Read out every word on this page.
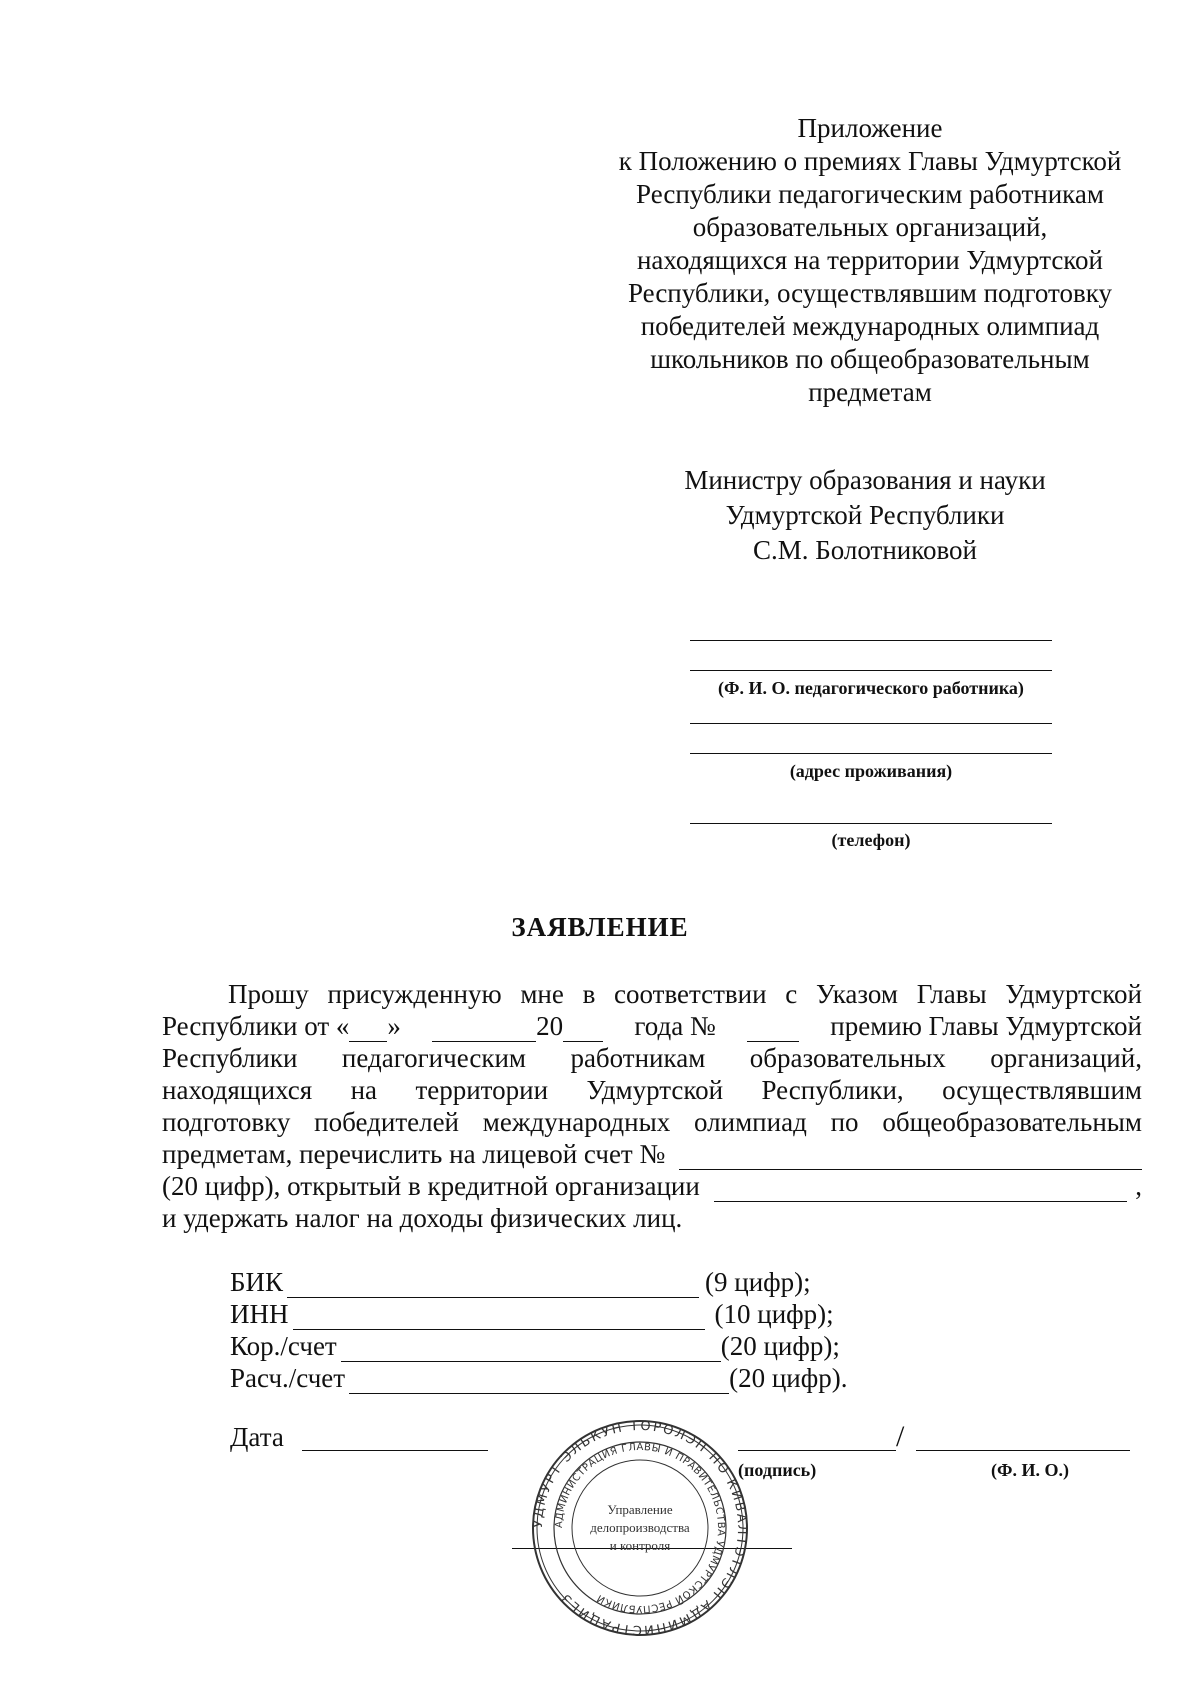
Приложение
к Положению о премиях Главы Удмуртской
Республики педагогическим работникам
образовательных организаций,
находящихся на территории Удмуртской
Республики, осуществлявшим подготовку
победителей международных олимпиад
школьников по общеобразовательным
предметам
Министру образования и науки
Удмуртской Республики
С.М. Болотниковой
(Ф. И. О. педагогического работника)
(адрес проживания)
(телефон)
ЗАЯВЛЕНИЕ
Прошу присужденную мне в соответствии с Указом Главы Удмуртской
Республики от « »	20	года №	премию Главы Удмуртской
Республики педагогическим работникам образовательных организаций,
находящихся на территории Удмуртской Республики, осуществлявшим
подготовку победителей международных олимпиад по общеобразовательным
предметам, перечислить на лицевой счет №
(20 цифр), открытый в кредитной организации	,
и удержать налог на доходы физических лиц.
БИК	(9 цифр);
ИНН	(10 цифр);
Кор./счет	(20 цифр);
Расч./счет	(20 цифр).
Дата	/
(подпись)	(Ф. И. О.)
УДМУРТ ЭЛЬКУН ТОРОЛЭН НО КИВАЛТЭТЛЭН АДМИНИСТРАЦИЕЗ
АДМИНИСТРАЦИЯ ГЛАВЫ И ПРАВИТЕЛЬСТВА УДМУРТСКОЙ РЕСПУБЛИКИ
Управление
делопроизводства
и контроля
